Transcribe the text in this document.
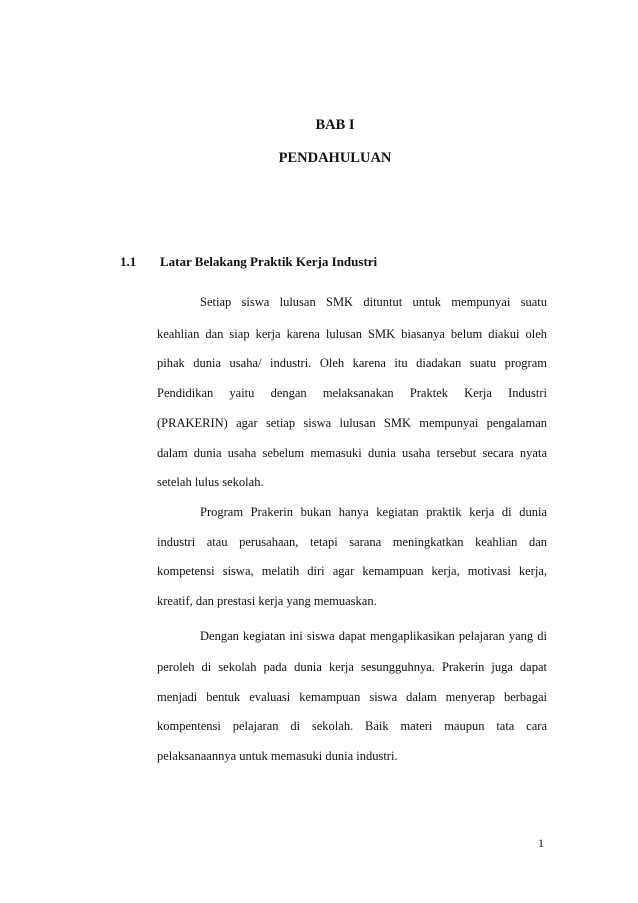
BAB I
PENDAHULUAN
1.1 Latar Belakang Praktik Kerja Industri
Setiap siswa lulusan SMK dituntut untuk mempunyai suatu
keahlian dan siap kerja karena lulusan SMK biasanya belum diakui oleh
pihak dunia usaha/ industri. Oleh karena itu diadakan suatu program
Pendidikan yaitu dengan melaksanakan Praktek Kerja Industri
(PRAKERIN) agar setiap siswa lulusan SMK mempunyai pengalaman
dalam dunia usaha sebelum memasuki dunia usaha tersebut secara nyata
setelah lulus sekolah.
Program Prakerin bukan hanya kegiatan praktik kerja di dunia
industri atau perusahaan, tetapi sarana meningkatkan keahlian dan
kompetensi siswa, melatih diri agar kemampuan kerja, motivasi kerja,
kreatif, dan prestasi kerja yang memuaskan.
Dengan kegiatan ini siswa dapat mengaplikasikan pelajaran yang di
peroleh di sekolah pada dunia kerja sesungguhnya. Prakerin juga dapat
menjadi bentuk evaluasi kemampuan siswa dalam menyerap berbagai
kompentensi pelajaran di sekolah. Baik materi maupun tata cara
pelaksanaannya untuk memasuki dunia industri.
1
